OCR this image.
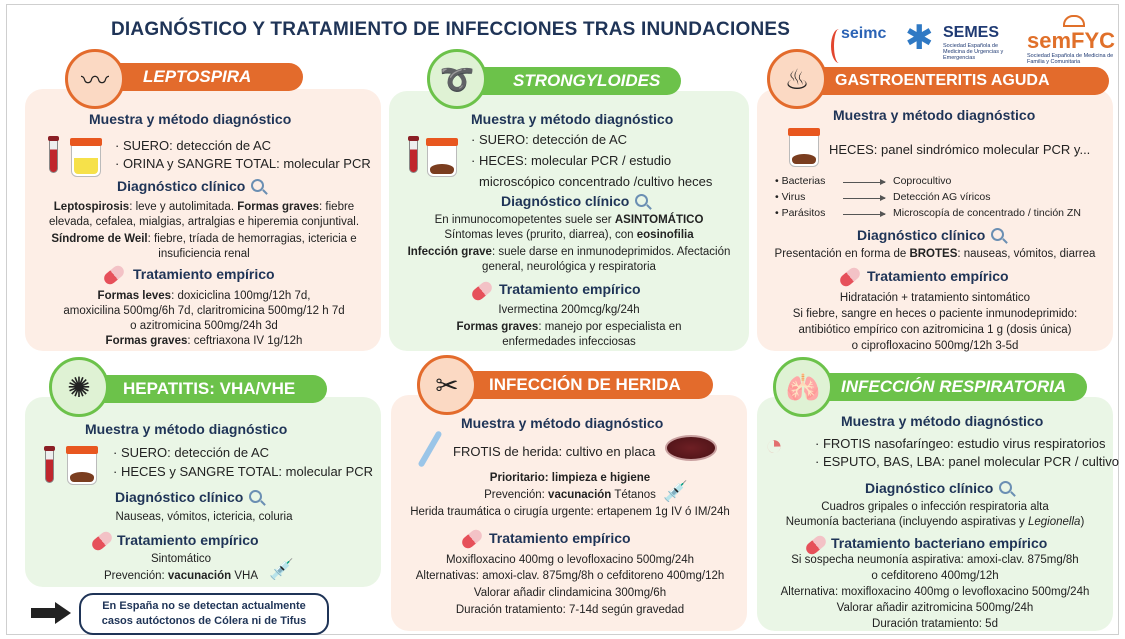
DIAGNÓSTICO Y TRATAMIENTO DE INFECCIONES TRAS INUNDACIONES	seimc ✱ SEMES
Sociedad Española de Medicina de Urgencias y Emergencias
semFYC
Sociedad Española de Medicina de Familia y Comunitaria
LEPTOSPIRA
〰
Muestra y método diagnóstico
· SUERO: detección de AC
· ORINA y SANGRE TOTAL: molecular PCR
Diagnóstico clínico
Leptospirosis: leve y autolimitada. Formas graves: fiebre
elevada, cefalea, mialgias, artralgias e hiperemia conjuntival.
Síndrome de Weil: fiebre, tríada de hemorragias, ictericia e
insuficiencia renal
Tratamiento empírico
Formas leves: doxiciclina 100mg/12h 7d,
amoxicilina 500mg/6h 7d, claritromicina 500mg/12 h 7d
o azitromicina 500mg/24h 3d
Formas graves: ceftriaxona IV 1g/12h
STRONGYLOIDES
➰
Muestra y método diagnóstico
· SUERO: detección de AC
· HECES: molecular PCR / estudio
microscópico concentrado /cultivo heces
Diagnóstico clínico
En inmunocomopetentes suele ser ASINTOMÁTICO
Síntomas leves (prurito, diarrea), con eosinofilia
Infección grave: suele darse en inmunodeprimidos. Afectación
general, neurológica y respiratoria
Tratamiento empírico
Ivermectina 200mcg/kg/24h
Formas graves: manejo por especialista en
enfermedades infecciosas
GASTROENTERITIS AGUDA
♨
Muestra y método diagnóstico
HECES: panel sindrómico molecular PCR y...
• Bacterias	Coprocultivo
• Virus	Detección AG víricos
• Parásitos	Microscopía de concentrado / tinción ZN
Diagnóstico clínico
Presentación en forma de BROTES: nauseas, vómitos, diarrea
Tratamiento empírico
Hidratación + tratamiento sintomático
Si fiebre, sangre en heces o paciente inmunodeprimido:
antibiótico empírico con azitromicina 1 g (dosis única)
o ciprofloxacino 500mg/12h 3-5d
HEPATITIS: VHA/VHE
✺
Muestra y método diagnóstico
· SUERO: detección de AC
· HECES y SANGRE TOTAL: molecular PCR
Diagnóstico clínico
Nauseas, vómitos, ictericia, coluria
Tratamiento empírico
Sintomático
Prevención: vacunación VHA 💉
En España no se detectan actualmente
casos autóctonos de Cólera ni de Tifus
INFECCIÓN DE HERIDA
✂
Muestra y método diagnóstico
FROTIS de herida: cultivo en placa
Prioritario: limpieza e higiene
Prevención: vacunación Tétanos 💉
Herida traumática o cirugía urgente: ertapenem 1g IV ó IM/24h
Tratamiento empírico
Moxifloxacino 400mg o levofloxacino 500mg/24h
Alternativas: amoxi-clav. 875mg/8h o cefditoreno 400mg/12h
Valorar añadir clindamicina 300mg/6h
Duración tratamiento: 7-14d según gravedad
INFECCIÓN RESPIRATORIA
🫁
Muestra y método diagnóstico
◔ · FROTIS nasofaríngeo: estudio virus respiratorios
· ESPUTO, BAS, LBA: panel molecular PCR / cultivo
Diagnóstico clínico
Cuadros gripales o infección respiratoria alta
Neumonía bacteriana (incluyendo aspirativas y Legionella)
Tratamiento bacteriano empírico
Si sospecha neumonía aspirativa: amoxi-clav. 875mg/8h
o cefditoreno 400mg/12h
Alternativa: moxifloxacino 400mg o levofloxacino 500mg/24h
Valorar añadir azitromicina 500mg/24h
Duración tratamiento: 5d
